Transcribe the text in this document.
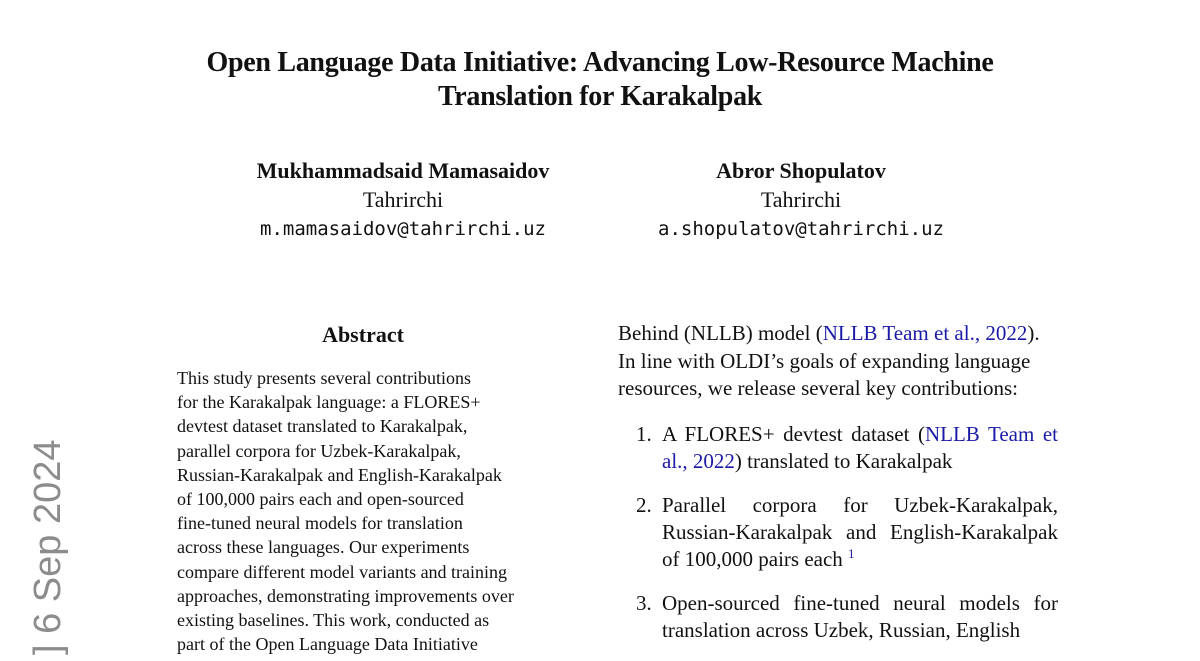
Open Language Data Initiative: Advancing Low-Resource Machine
Translation for Karakalpak
Mukhammadsaid Mamasaidov
Tahrirchi
m.mamasaidov@tahrirchi.uz
Abror Shopulatov
Tahrirchi
a.shopulatov@tahrirchi.uz
] 6 Sep 2024
Abstract
This study presents several contributions
for the Karakalpak language: a FLORES+
devtest dataset translated to Karakalpak,
parallel corpora for Uzbek-Karakalpak,
Russian-Karakalpak and English-Karakalpak
of 100,000 pairs each and open-sourced
fine-tuned neural models for translation
across these languages. Our experiments
compare different model variants and training
approaches, demonstrating improvements over
existing baselines. This work, conducted as
part of the Open Language Data Initiative
Behind (NLLB) model (NLLB Team et al., 2022).
In line with OLDI’s goals of expanding language
resources, we release several key contributions:
1. A FLORES+ devtest dataset (NLLB Team et al., 2022) translated to Karakalpak
2. Parallel corpora for Uzbek-Karakalpak, Russian-Karakalpak and English-Karakalpak of 100,000 pairs each $^1$
3. Open-sourced fine-tuned neural models for translation across Uzbek, Russian, English
